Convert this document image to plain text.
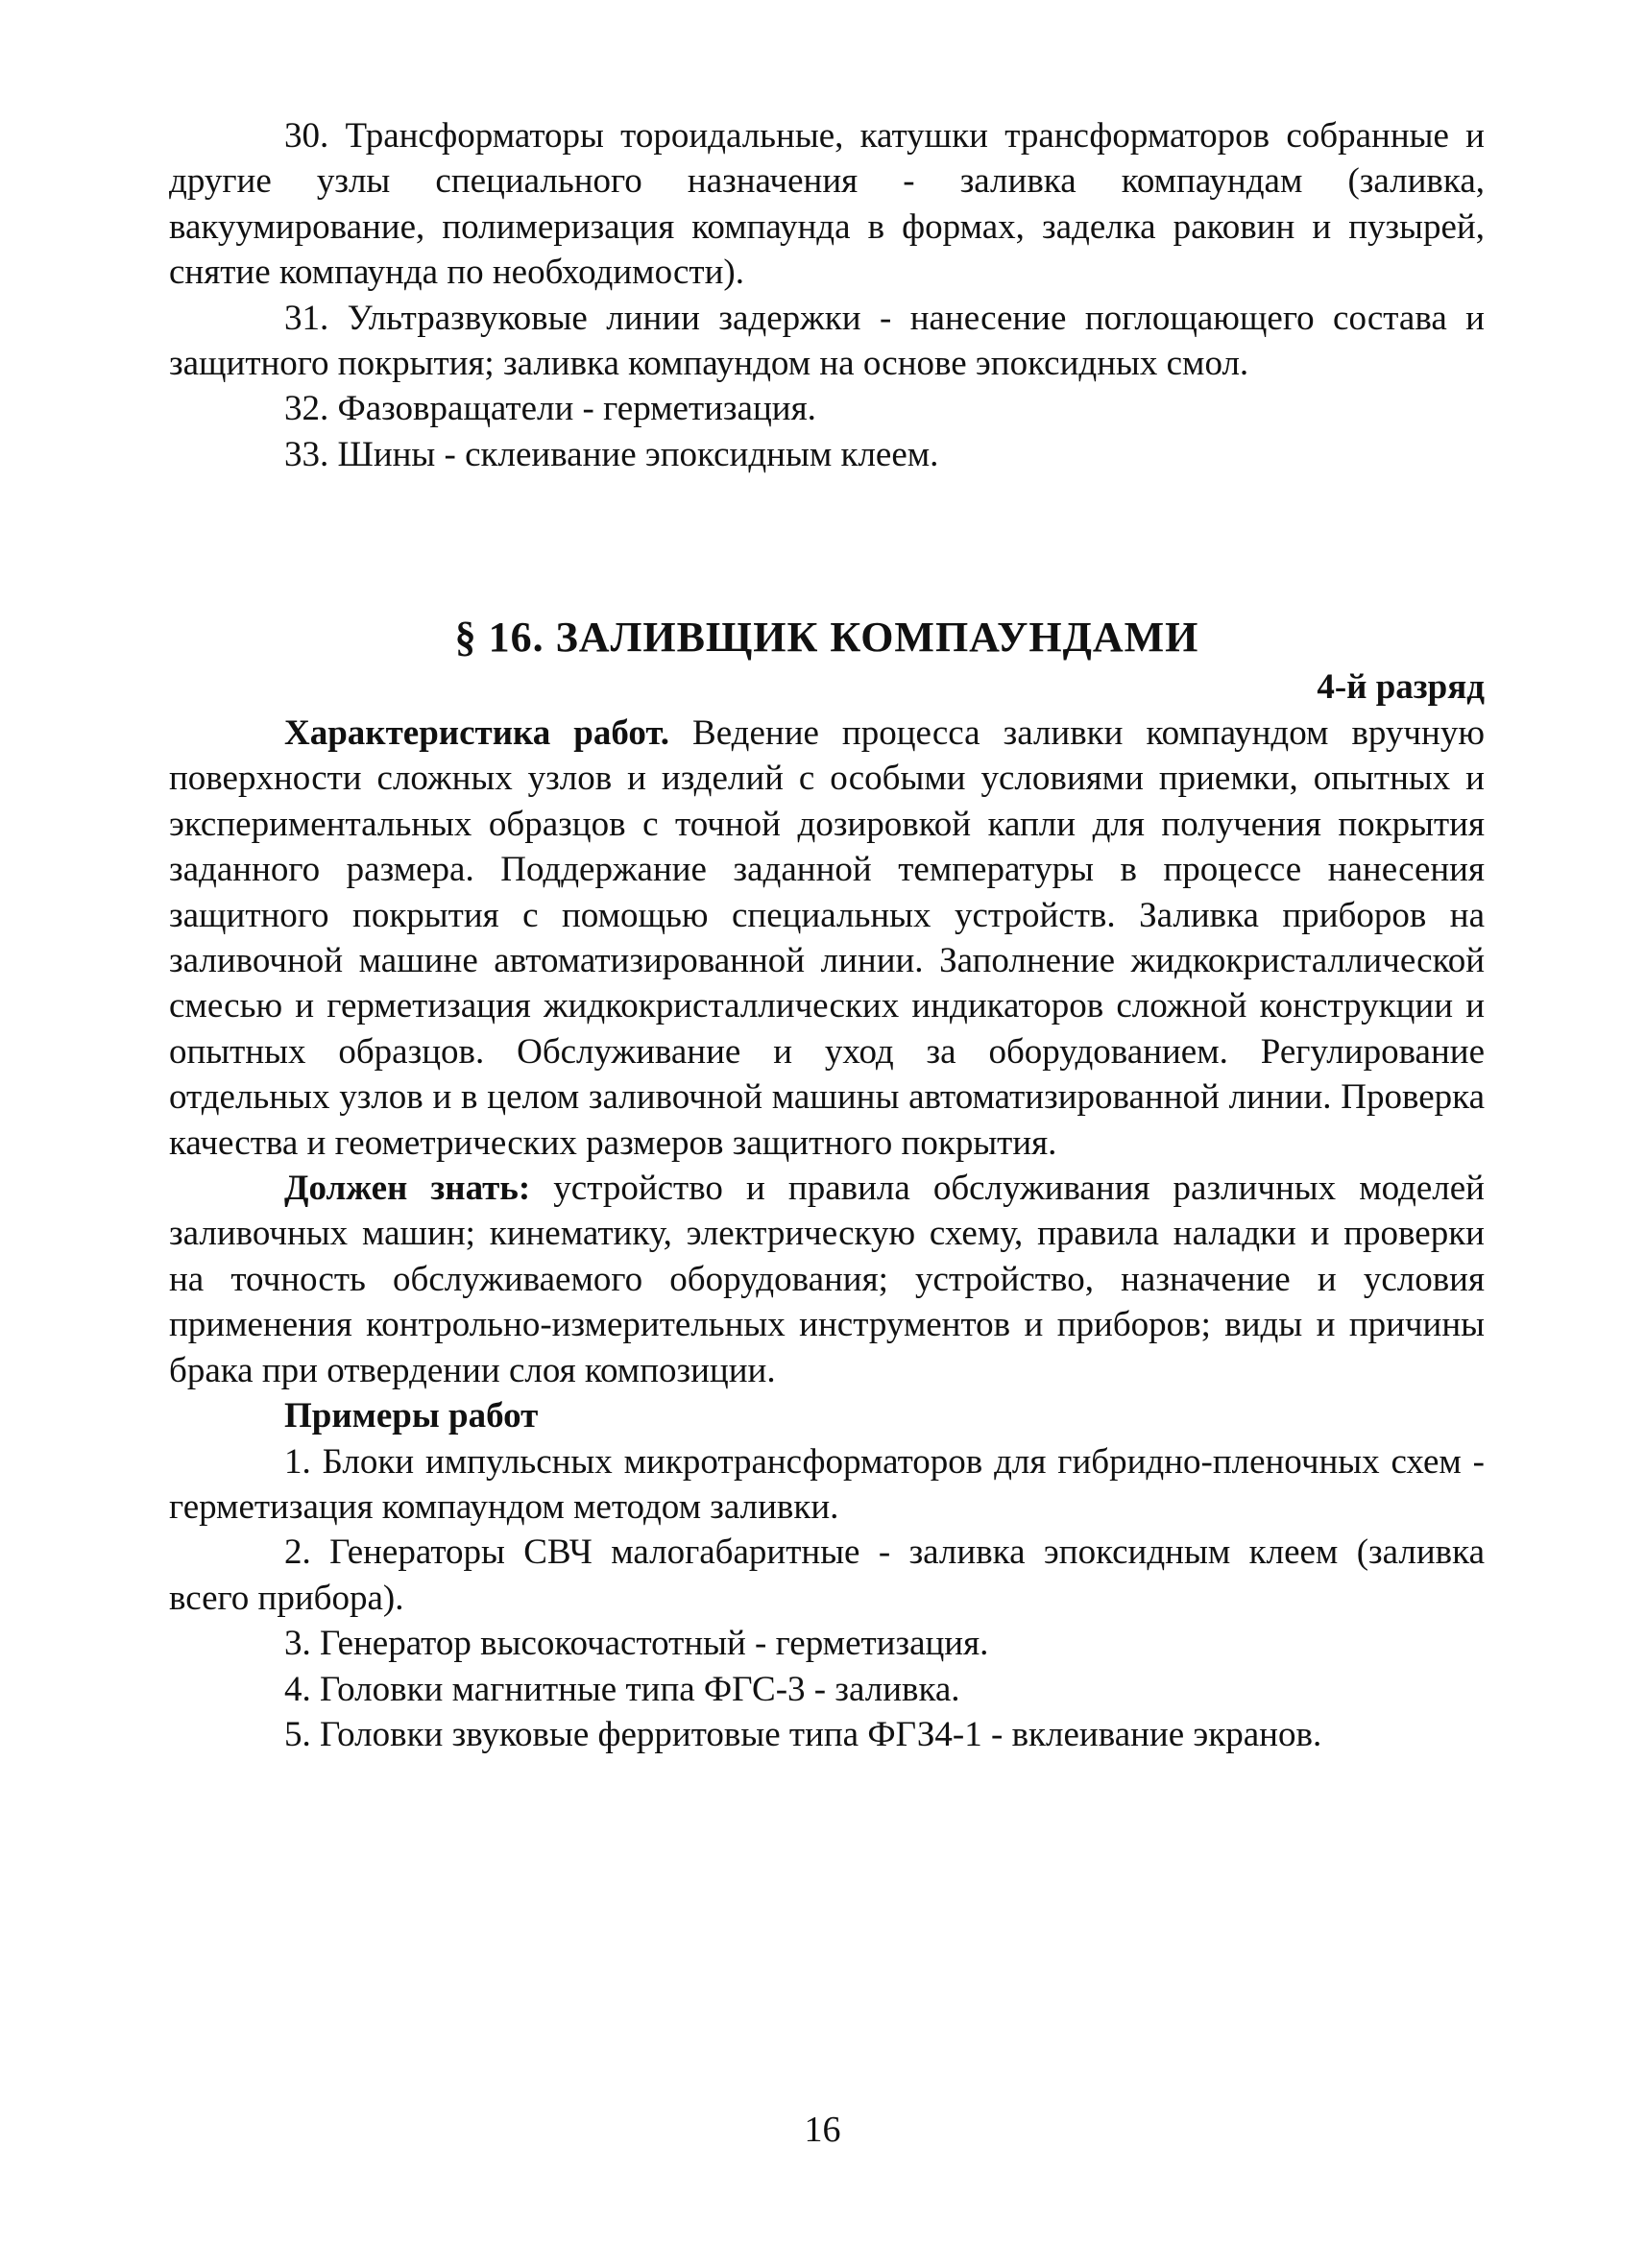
30. Трансформаторы тороидальные, катушки трансформаторов собранные и другие узлы специального назначения - заливка компаундам (заливка, вакуумирование, полимеризация компаунда в формах, заделка раковин и пузырей, снятие компаунда по необходимости).

31. Ультразвуковые линии задержки - нанесение поглощающего состава и защитного покрытия; заливка компаундом на основе эпоксидных смол.

32. Фазовращатели - герметизация.

33. Шины - склеивание эпоксидным клеем.

§ 16. ЗАЛИВЩИК КОМПАУНДАМИ

4-й разряд

Характеристика работ. Ведение процесса заливки компаундом вручную поверхности сложных узлов и изделий с особыми условиями приемки, опытных и экспериментальных образцов с точной дозировкой капли для получения покрытия заданного размера. Поддержание заданной температуры в процессе нанесения защитного покрытия с помощью специальных устройств. Заливка приборов на заливочной машине автоматизированной линии. Заполнение жидкокристаллической смесью и герметизация жидкокристаллических индикаторов сложной конструкции и опытных образцов. Обслуживание и уход за оборудованием. Регулирование отдельных узлов и в целом заливочной машины автоматизированной линии. Проверка качества и геометрических размеров защитного покрытия.

Должен знать: устройство и правила обслуживания различных моделей заливочных машин; кинематику, электрическую схему, правила наладки и проверки на точность обслуживаемого оборудования; устройство, назначение и условия применения контрольно-измерительных инструментов и приборов; виды и причины брака при отвердении слоя композиции.

Примеры работ

1. Блоки импульсных микротрансформаторов для гибридно-пленочных схем - герметизация компаундом методом заливки.

2. Генераторы СВЧ малогабаритные - заливка эпоксидным клеем (заливка всего прибора).

3. Генератор высокочастотный - герметизация.

4. Головки магнитные типа ФГС-3 - заливка.

5. Головки звуковые ферритовые типа ФГЗ4-1 - вклеивание экранов.

16
